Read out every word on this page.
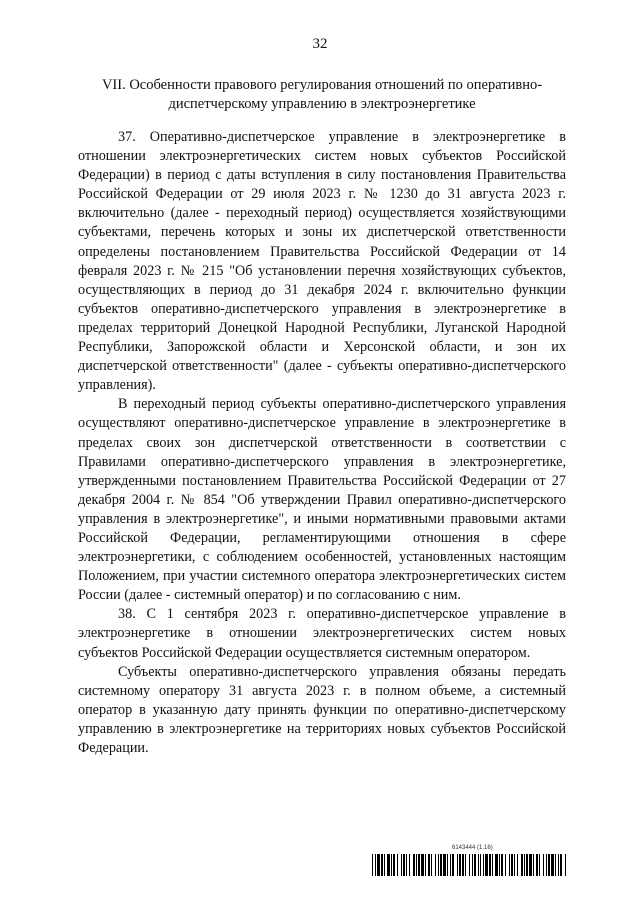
32
VII. Особенности правового регулирования отношений по оперативно-диспетчерскому управлению в электроэнергетике

37. Оперативно-диспетчерское управление в электроэнергетике в отношении электроэнергетических систем новых субъектов Российской Федерации) в период с даты вступления в силу постановления Правительства Российской Федерации от 29 июля 2023 г. № 1230 до 31 августа 2023 г. включительно (далее - переходный период) осуществляется хозяйствующими субъектами, перечень которых и зоны их диспетчерской ответственности определены постановлением Правительства Российской Федерации от 14 февраля 2023 г. № 215 "Об установлении перечня хозяйствующих субъектов, осуществляющих в период до 31 декабря 2024 г. включительно функции субъектов оперативно-диспетчерского управления в электроэнергетике в пределах территорий Донецкой Народной Республики, Луганской Народной Республики, Запорожской области и Херсонской области, и зон их диспетчерской ответственности" (далее - субъекты оперативно-диспетчерского управления).

В переходный период субъекты оперативно-диспетчерского управления осуществляют оперативно-диспетчерское управление в электроэнергетике в пределах своих зон диспетчерской ответственности в соответствии с Правилами оперативно-диспетчерского управления в электроэнергетике, утвержденными постановлением Правительства Российской Федерации от 27 декабря 2004 г. № 854 "Об утверждении Правил оперативно-диспетчерского управления в электроэнергетике", и иными нормативными правовыми актами Российской Федерации, регламентирующими отношения в сфере электроэнергетики, с соблюдением особенностей, установленных настоящим Положением, при участии системного оператора электроэнергетических систем России (далее - системный оператор) и по согласованию с ним.

38. С 1 сентября 2023 г. оперативно-диспетчерское управление в электроэнергетике в отношении электроэнергетических систем новых субъектов Российской Федерации осуществляется системным оператором.

Субъекты оперативно-диспетчерского управления обязаны передать системному оператору 31 августа 2023 г. в полном объеме, а системный оператор в указанную дату принять функции по оперативно-диспетчерскому управлению в электроэнергетике на территориях новых субъектов Российской Федерации.

6143444 (1.16)
